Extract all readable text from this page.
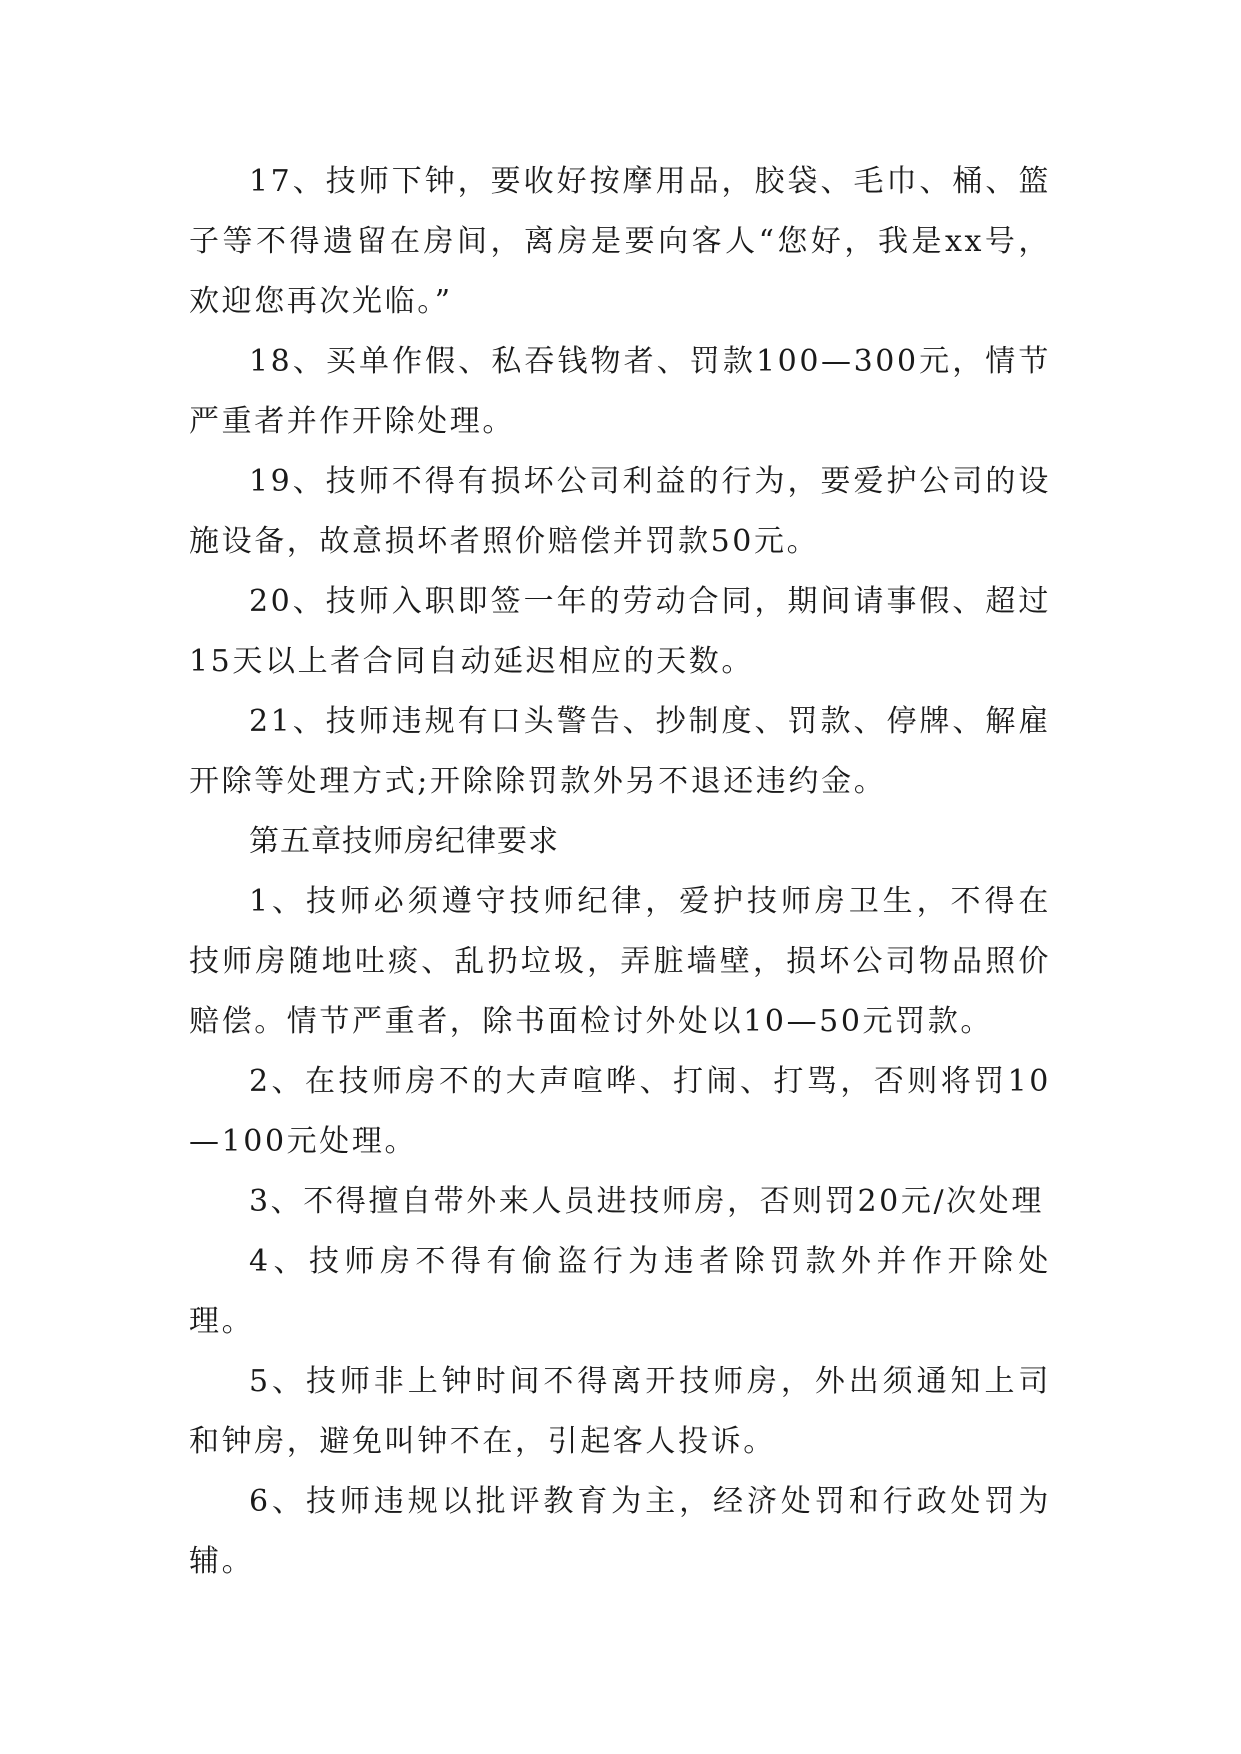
17、技师下钟，要收好按摩用品，胶袋、毛巾、桶、篮子等不得遗留在房间，离房是要向客人“您好，我是xx号，欢迎您再次光临。”

18、买单作假、私吞钱物者、罚款100—300元，情节严重者并作开除处理。

19、技师不得有损坏公司利益的行为，要爱护公司的设施设备，故意损坏者照价赔偿并罚款50元。

20、技师入职即签一年的劳动合同，期间请事假、超过15天以上者合同自动延迟相应的天数。

21、技师违规有口头警告、抄制度、罚款、停牌、解雇开除等处理方式;开除除罚款外另不退还违约金。

第五章技师房纪律要求

1、技师必须遵守技师纪律，爱护技师房卫生，不得在技师房随地吐痰、乱扔垃圾，弄脏墙壁，损坏公司物品照价赔偿。情节严重者，除书面检讨外处以10—50元罚款。

2、在技师房不的大声喧哗、打闹、打骂，否则将罚10—100元处理。

3、不得擅自带外来人员进技师房，否则罚20元/次处理

4、技师房不得有偷盗行为违者除罚款外并作开除处理。

5、技师非上钟时间不得离开技师房，外出须通知上司和钟房，避免叫钟不在，引起客人投诉。

6、技师违规以批评教育为主，经济处罚和行政处罚为辅。
